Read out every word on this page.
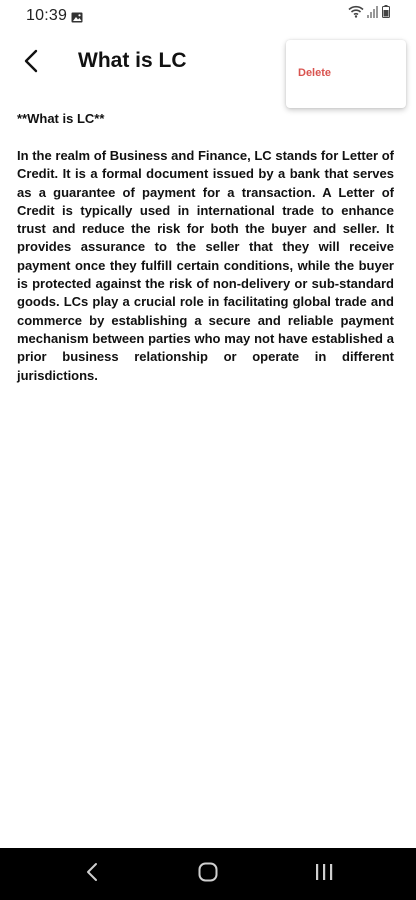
10:39
What is LC
Delete

**What is LC**

In the realm of Business and Finance, LC stands for Letter of Credit. It is a formal document issued by a bank that serves as a guarantee of payment for a transaction. A Letter of Credit is typically used in international trade to enhance trust and reduce the risk for both the buyer and seller. It provides assurance to the seller that they will receive payment once they fulfill certain conditions, while the buyer is protected against the risk of non-delivery or sub-standard goods. LCs play a crucial role in facilitating global trade and commerce by establishing a secure and reliable payment mechanism between parties who may not have established a prior business relationship or operate in different jurisdictions.
